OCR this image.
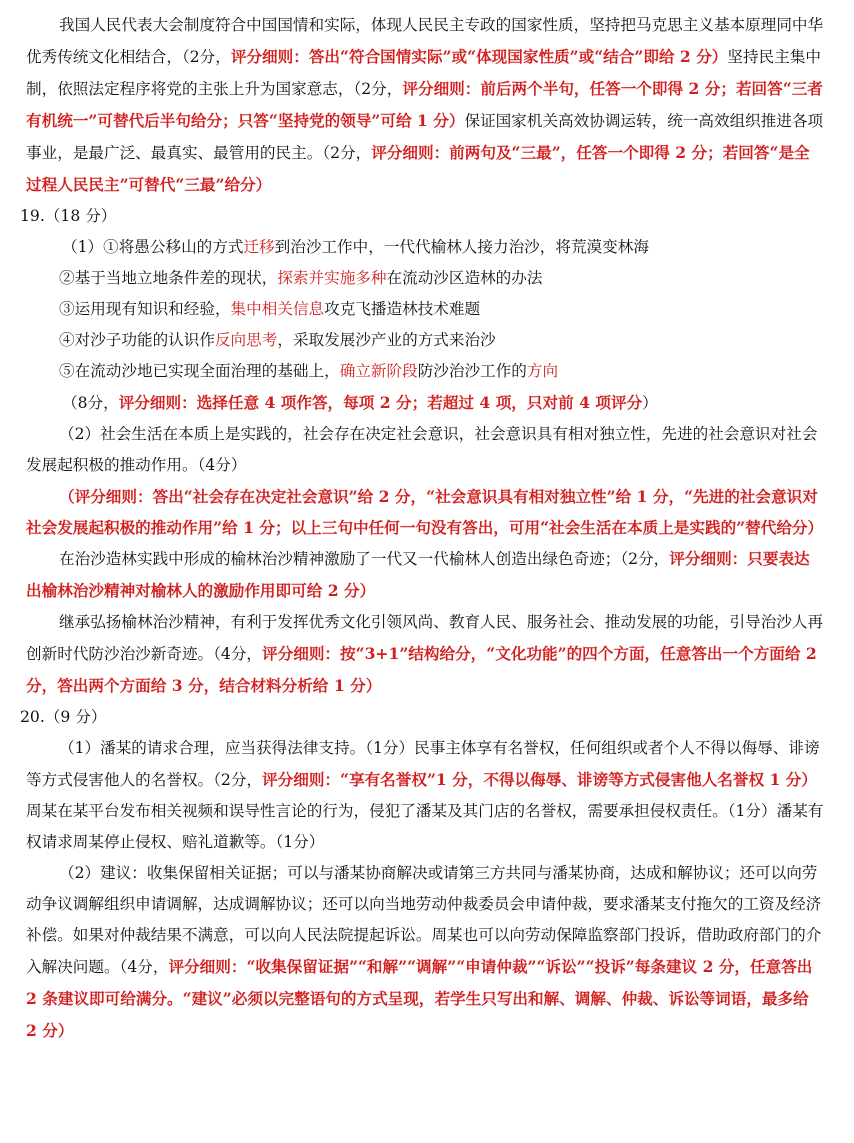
我国人民代表大会制度符合中国国情和实际，体现人民民主专政的国家性质，坚持把马克思主义基本原理同中华优秀传统文化相结合，（2分，评分细则：答出“符合国情实际”或“体现国家性质”或“结合”即给 2 分）坚持民主集中制，依照法定程序将党的主张上升为国家意志，（2分，评分细则：前后两个半句，任答一个即得 2 分；若回答“三者有机统一”可替代后半句给分；只答“坚持党的领导”可给 1 分）保证国家机关高效协调运转，统一高效组织推进各项事业，是最广泛、最真实、最管用的民主。（2分，评分细则：前两句及“三最”，任答一个即得 2 分；若回答“是全过程人民民主”可替代“三最”给分）

19.（18 分）

（1）①将愚公移山的方式迁移到治沙工作中，一代代榆林人接力治沙，将荒漠变林海

②基于当地立地条件差的现状，探索并实施多种在流动沙区造林的办法

③运用现有知识和经验，集中相关信息攻克飞播造林技术难题

④对沙子功能的认识作反向思考，采取发展沙产业的方式来治沙

⑤在流动沙地已实现全面治理的基础上，确立新阶段防沙治沙工作的方向

（8分，评分细则：选择任意 4 项作答，每项 2 分；若超过 4 项，只对前 4 项评分）

（2）社会生活在本质上是实践的，社会存在决定社会意识，社会意识具有相对独立性，先进的社会意识对社会发展起积极的推动作用。（4分）

（评分细则：答出“社会存在决定社会意识”给 2 分，“社会意识具有相对独立性”给 1 分，“先进的社会意识对社会发展起积极的推动作用”给 1 分；以上三句中任何一句没有答出，可用“社会生活在本质上是实践的”替代给分）

在治沙造林实践中形成的榆林治沙精神激励了一代又一代榆林人创造出绿色奇迹；（2分，评分细则：只要表达出榆林治沙精神对榆林人的激励作用即可给 2 分）

继承弘扬榆林治沙精神，有利于发挥优秀文化引领风尚、教育人民、服务社会、推动发展的功能，引导治沙人再创新时代防沙治沙新奇迹。（4分，评分细则：按“3+1”结构给分，“文化功能”的四个方面，任意答出一个方面给 2 分，答出两个方面给 3 分，结合材料分析给 1 分）

20.（9 分）

（1）潘某的请求合理，应当获得法律支持。（1分）民事主体享有名誉权，任何组织或者个人不得以侮辱、诽谤等方式侵害他人的名誉权。（2分，评分细则：“享有名誉权”1 分，不得以侮辱、诽谤等方式侵害他人名誉权 1 分）周某在某平台发布相关视频和误导性言论的行为，侵犯了潘某及其门店的名誉权，需要承担侵权责任。（1分）潘某有权请求周某停止侵权、赔礼道歉等。（1分）

（2）建议：收集保留相关证据；可以与潘某协商解决或请第三方共同与潘某协商，达成和解协议；还可以向劳动争议调解组织申请调解，达成调解协议；还可以向当地劳动仲裁委员会申请仲裁，要求潘某支付拖欠的工资及经济补偿。如果对仲裁结果不满意，可以向人民法院提起诉讼。周某也可以向劳动保障监察部门投诉，借助政府部门的介入解决问题。（4分，评分细则：“收集保留证据”“和解”“调解”“申请仲裁”“诉讼”“投诉”每条建议 2 分，任意答出 2 条建议即可给满分。“建议”必须以完整语句的方式呈现，若学生只写出和解、调解、仲裁、诉讼等词语，最多给 2 分）
